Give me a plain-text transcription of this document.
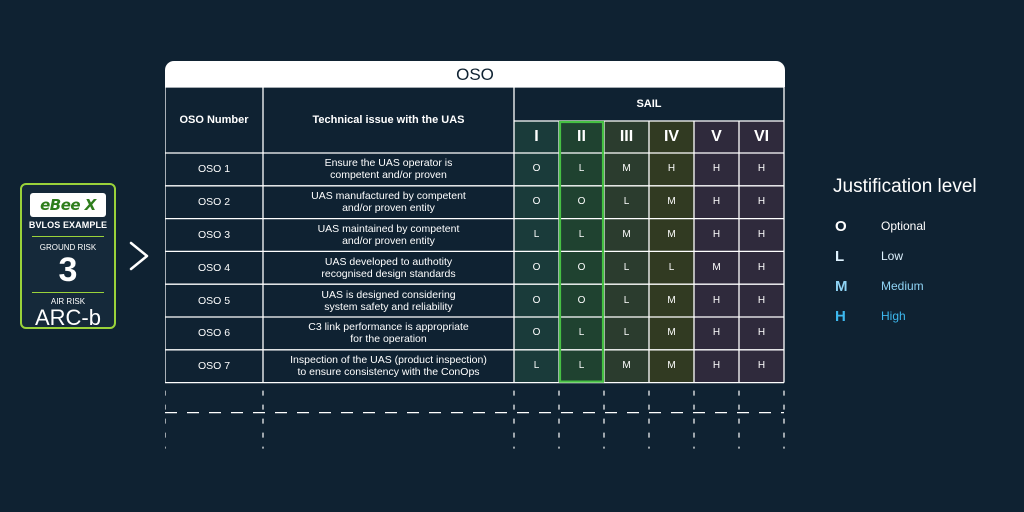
eBee X
BVLOS EXAMPLE
GROUND RISK
3
AIR RISK
ARC-b
OSO
OSO Number	Technical issue with the UAS
SAIL
I	II	III	IV	V	VI
OSO 1	Ensure the UAS operator is
competent and/or proven
O	L	M	H	H	H
OSO 2	UAS manufactured by competent
and/or proven entity
O	O	L	M	H	H
OSO 3	UAS maintained by competent
and/or proven entity
L	L	M	M	H	H
OSO 4	UAS developed to authotity
recognised design standards
O	O	L	L	M	H
OSO 5	UAS is designed considering
system safety and reliability
O	O	L	M	H	H
OSO 6	C3 link performance is appropriate
for the operation
O	L	L	M	H	H
OSO 7	Inspection of the UAS (product inspection)
to ensure consistency with the ConOps
L	L	M	M	H	H
Justification level
O	Optional
L	Low
M	Medium
H	High
